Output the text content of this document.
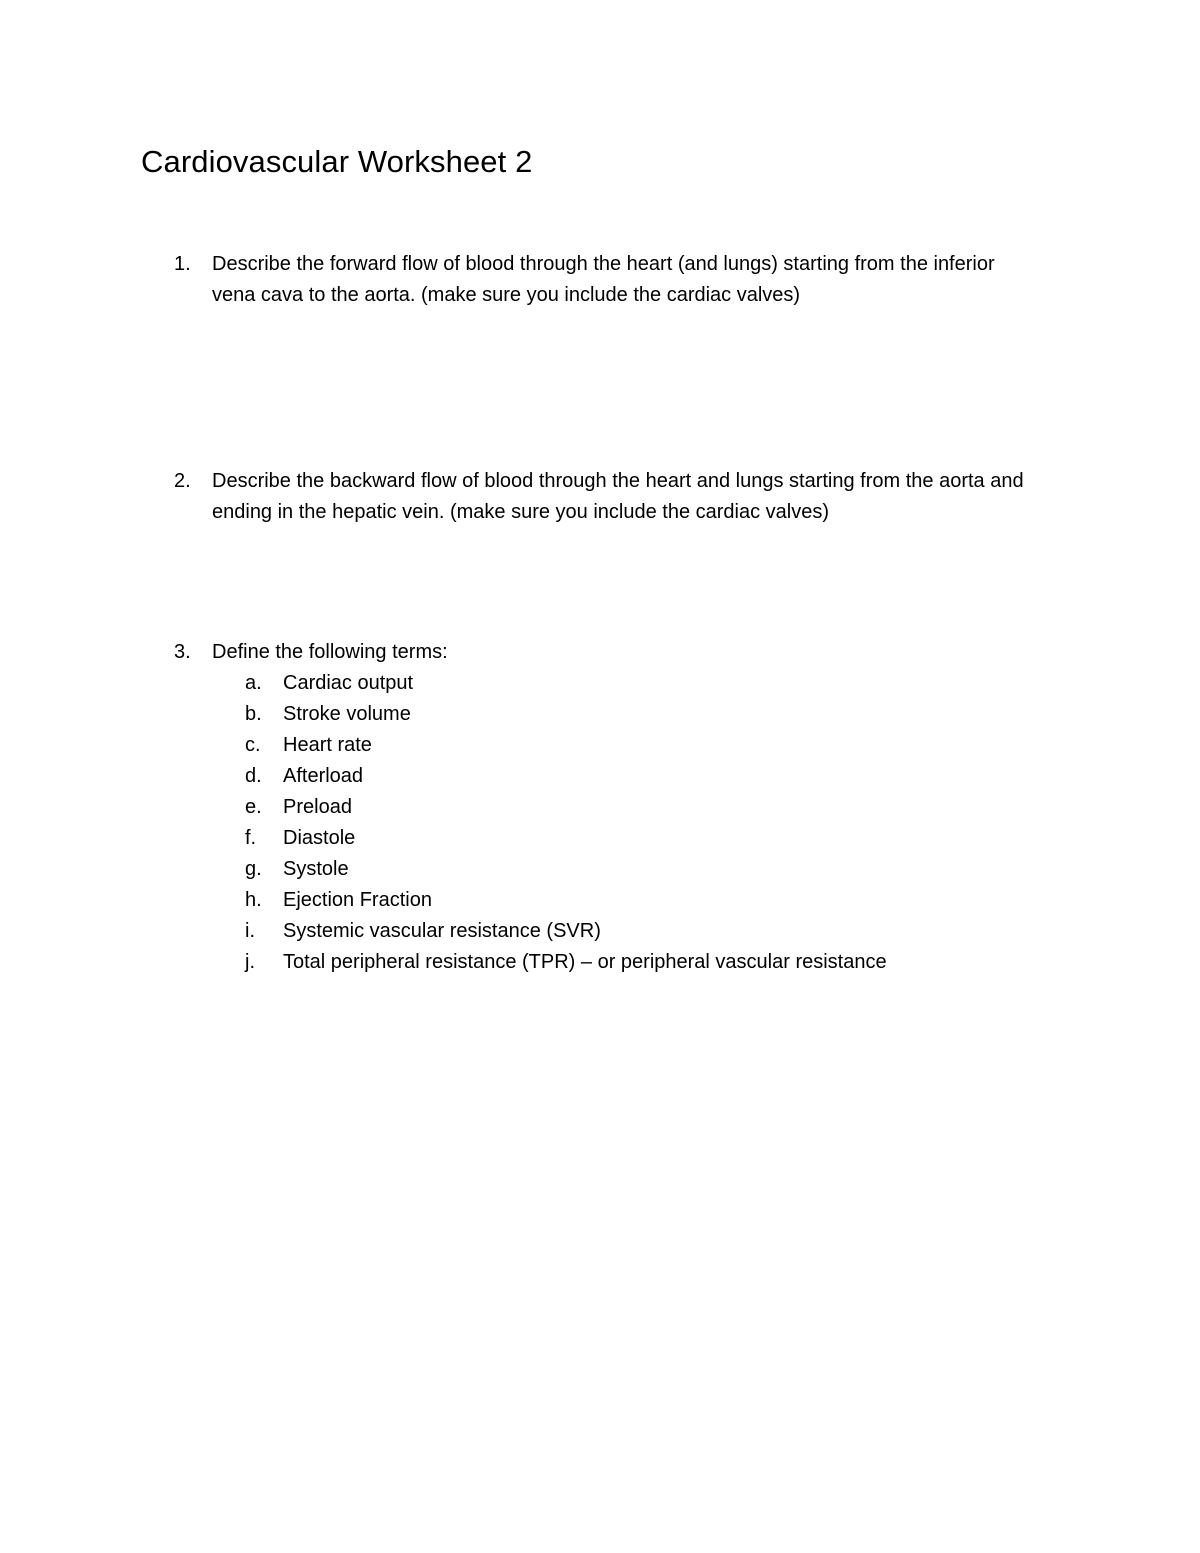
Cardiovascular Worksheet 2
1.	Describe the forward flow of blood through the heart (and lungs) starting from the inferior vena cava to the aorta. (make sure you include the cardiac valves)
2.	Describe the backward flow of blood through the heart and lungs starting from the aorta and ending in the hepatic vein. (make sure you include the cardiac valves)
3.	Define the following terms:
a.	Cardiac output
b.	Stroke volume
c.	Heart rate
d.	Afterload
e.	Preload
f.	Diastole
g.	Systole
h.	Ejection Fraction
i.	Systemic vascular resistance (SVR)
j.	Total peripheral resistance (TPR) – or peripheral vascular resistance
